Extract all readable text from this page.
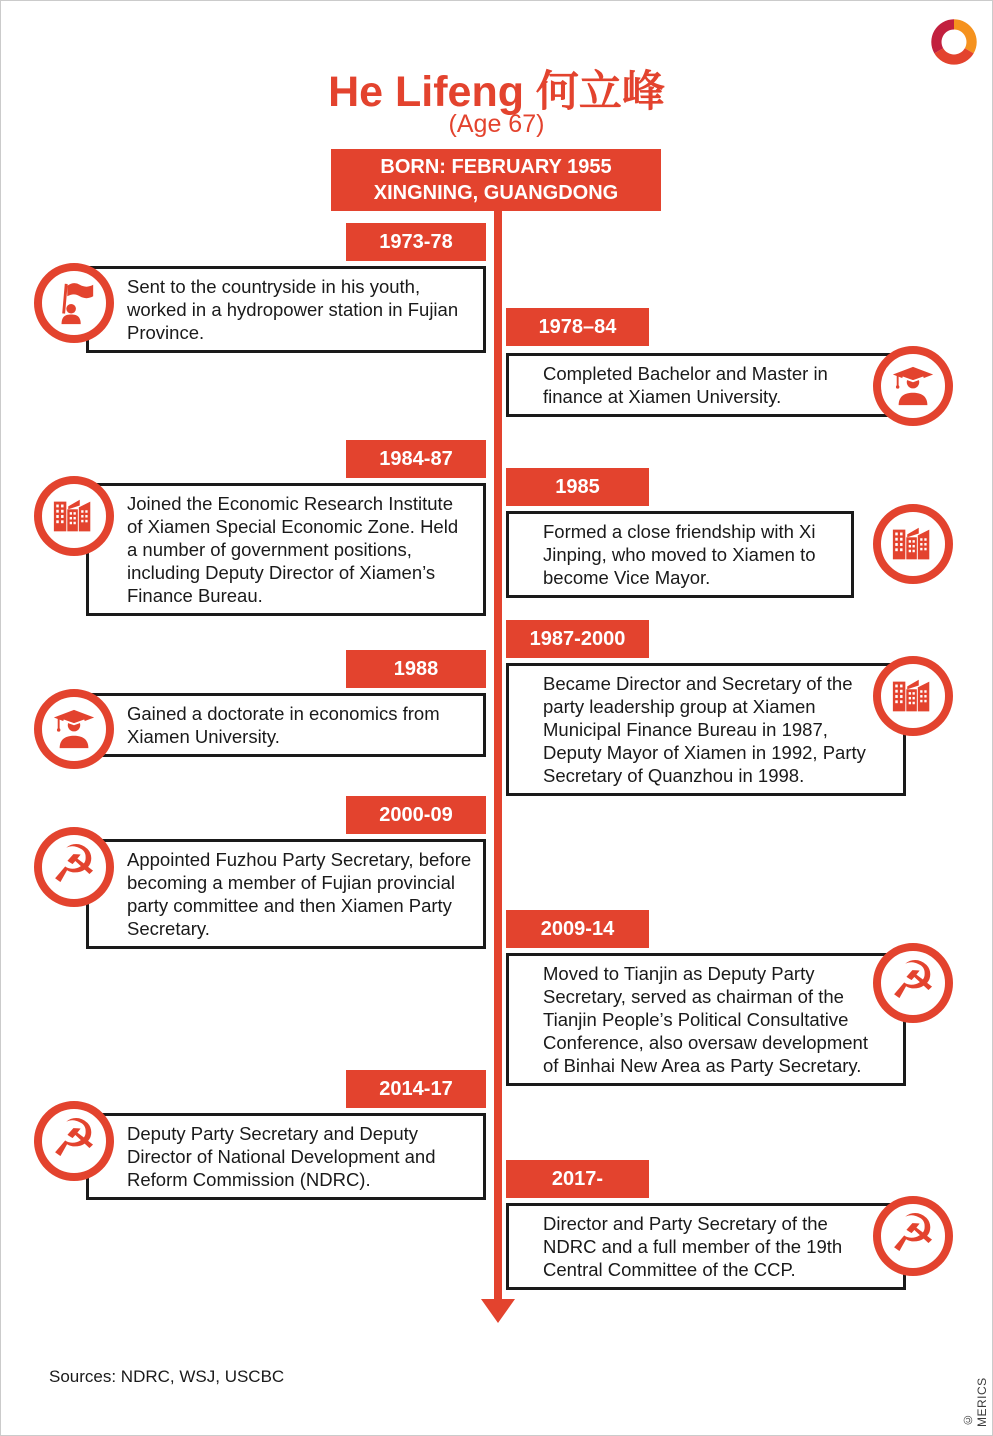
He Lifeng 何立峰
(Age 67)
BORN: FEBRUARY 1955
XINGNING, GUANGDONG
1973-78
Sent to the countryside in his youth, worked in a hydropower station in Fujian Province.	1978–84
Completed Bachelor and Master in finance at Xiamen University.
1984-87
Joined the Economic Research Institute of Xiamen Special Economic Zone. Held a number of government positions, including Deputy Director of Xiamen’s Finance Bureau.
1985
Formed a close friendship with Xi Jinping, who moved to Xiamen to become Vice Mayor.
1987-2000
Became Director and Secretary of the party leadership group at Xiamen Municipal Finance Bureau in 1987, Deputy Mayor of Xiamen in 1992, Party Secretary of Quanzhou in 1998.
1988
Gained a doctorate in economics from Xiamen University.
2000-09
Appointed Fuzhou Party Secretary, before becoming a member of Fujian provincial party committee and then Xiamen Party Secretary.
☭
2009-14
Moved to Tianjin as Deputy Party Secretary, served as chairman of the Tianjin People’s Political Consultative Conference, also oversaw development of Binhai New Area as Party Secretary.
☭
2014-17
Deputy Party Secretary and Deputy Director of National Development and Reform Commission (NDRC).
☭
2017-
Director and Party Secretary of the NDRC and a full member of the 19th Central Committee of the CCP.
☭
Sources: NDRC, WSJ, USCBC
© MERICS
